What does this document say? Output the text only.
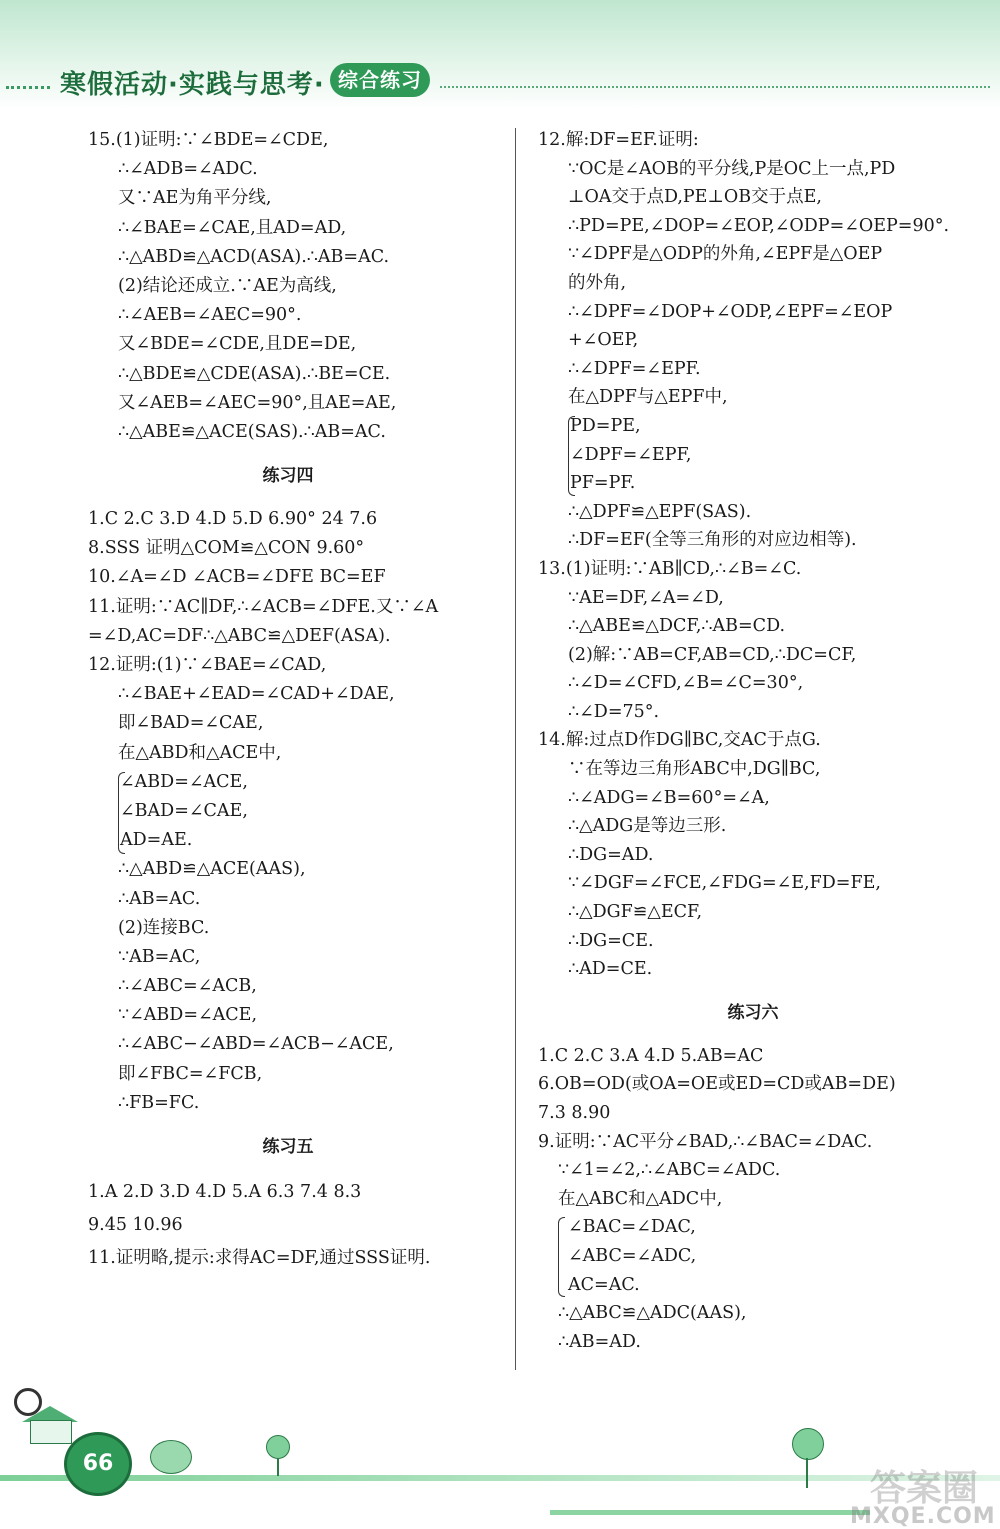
寒假活动·实践与思考· 综合练习
15.(1)证明:∵∠BDE=∠CDE,
∴∠ADB=∠ADC.
又∵AE为角平分线,
∴∠BAE=∠CAE,且AD=AD,
∴△ABD≌△ACD(ASA).∴AB=AC.
(2)结论还成立.∵AE为高线,
∴∠AEB=∠AEC=90°.
又∠BDE=∠CDE,且DE=DE,
∴△BDE≌△CDE(ASA).∴BE=CE.
又∠AEB=∠AEC=90°,且AE=AE,
∴△ABE≌△ACE(SAS).∴AB=AC.
练习四
1.C 2.C 3.D 4.D 5.D 6.90° 24 7.6
8.SSS 证明△COM≌△CON 9.60°
10.∠A=∠D ∠ACB=∠DFE BC=EF
11.证明:∵AC∥DF,∴∠ACB=∠DFE.又∵∠A
=∠D,AC=DF∴△ABC≌△DEF(ASA).
12.证明:(1)∵∠BAE=∠CAD,
∴∠BAE+∠EAD=∠CAD+∠DAE,
即∠BAD=∠CAE,
在△ABD和△ACE中,
∠ABD=∠ACE,
∠BAD=∠CAE,
AD=AE.
∴△ABD≌△ACE(AAS),
∴AB=AC.
(2)连接BC.
∵AB=AC,
∴∠ABC=∠ACB,
∵∠ABD=∠ACE,
∴∠ABC−∠ABD=∠ACB−∠ACE,
即∠FBC=∠FCB,
∴FB=FC.
练习五
1.A 2.D 3.D 4.D 5.A 6.3 7.4 8.3
9.45 10.96
11.证明略,提示:求得AC=DF,通过SSS证明.
12.解:DF=EF.证明:
∵OC是∠AOB的平分线,P是OC上一点,PD
⊥OA交于点D,PE⊥OB交于点E,
∴PD=PE,∠DOP=∠EOP,∠ODP=∠OEP=90°.
∵∠DPF是△ODP的外角,∠EPF是△OEP
的外角,
∴∠DPF=∠DOP+∠ODP,∠EPF=∠EOP
+∠OEP,
∴∠DPF=∠EPF.
在△DPF与△EPF中,
PD=PE,
∠DPF=∠EPF,
PF=PF.
∴△DPF≌△EPF(SAS).
∴DF=EF(全等三角形的对应边相等).
13.(1)证明:∵AB∥CD,∴∠B=∠C.
∵AE=DF,∠A=∠D,
∴△ABE≌△DCF,∴AB=CD.
(2)解:∵AB=CF,AB=CD,∴DC=CF,
∴∠D=∠CFD,∠B=∠C=30°,
∴∠D=75°.
14.解:过点D作DG∥BC,交AC于点G.
∵在等边三角形ABC中,DG∥BC,
∴∠ADG=∠B=60°=∠A,
∴△ADG是等边三形.
∴DG=AD.
∵∠DGF=∠FCE,∠FDG=∠E,FD=FE,
∴△DGF≌△ECF,
∴DG=CE.
∴AD=CE.
练习六
1.C 2.C 3.A 4.D 5.AB=AC
6.OB=OD(或OA=OE或ED=CD或AB=DE)
7.3 8.90
9.证明:∵AC平分∠BAD,∴∠BAC=∠DAC.
∵∠1=∠2,∴∠ABC=∠ADC.
在△ABC和△ADC中,
∠BAC=∠DAC,
∠ABC=∠ADC,
AC=AC.
∴△ABC≌△ADC(AAS),
∴AB=AD.
66
答案圈
MXQE.COM
